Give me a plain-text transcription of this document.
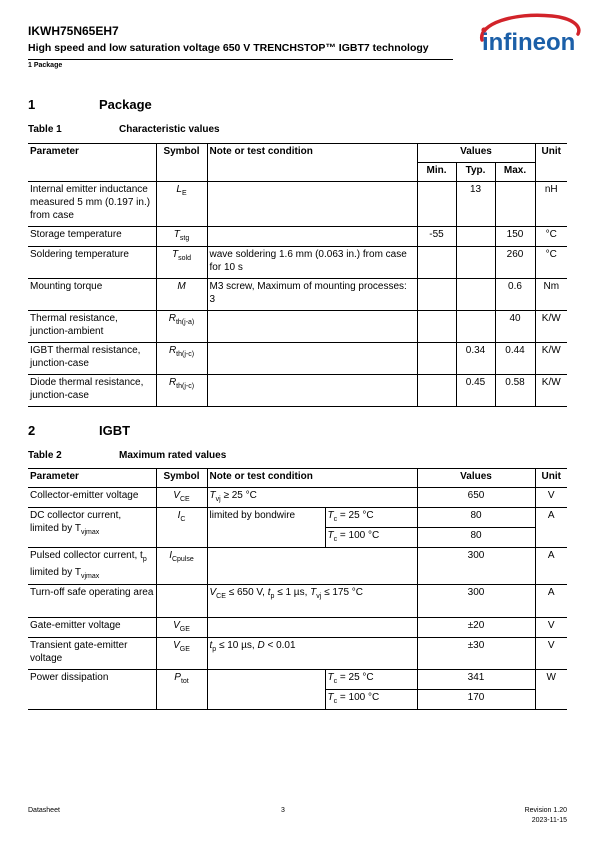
IKWH75N65EH7
High speed and low saturation voltage 650 V TRENCHSTOP™ IGBT7 technology
1 Package
infineon
1	Package
Table 1	Characteristic values
Parameter	Symbol	Note or test condition	Values			Unit
			Min.	Typ.	Max.	
Internal emitter inductance measured 5 mm (0.197 in.) from case	$L_E$			13		nH
Storage temperature	$T_{stg}$		-55		150	°C
Soldering temperature	$T_{sold}$	wave soldering 1.6 mm (0.063 in.) from case for 10 s			260	°C
Mounting torque	M	M3 screw, Maximum of mounting processes: 3			0.6	Nm
Thermal resistance, junction-ambient	$R_{th(j-a)}$				40	K/W
IGBT thermal resistance, junction-case	$R_{th(j-c)}$			0.34	0.44	K/W
Diode thermal resistance, junction-case	$R_{th(j-c)}$			0.45	0.58	K/W
2	IGBT
Table 2	Maximum rated values
Parameter	Symbol	Note or test condition		Values	Unit
Collector-emitter voltage	$V_{CE}$	$T_{vj} \ge 25$ °C		650	V
DC collector current,
limited by $T_{vjmax}$	$I_C$	limited by bondwire	$T_c = 25$ °C	80	A
			$T_c = 100$ °C	80	
Pulsed collector current, $t_p$
limited by $T_{vjmax}$	$I_{Cpulse}$			300	A
Turn-off safe operating area		$V_{CE} \le 650$ V, $t_p \le 1$ µs, $T_{vj} \le 175$ °C		300	A
Gate-emitter voltage	$V_{GE}$			±20	V
Transient gate-emitter voltage	$V_{GE}$	$t_p \le 10$ µs, D < 0.01		±30	V
Power dissipation	$P_{tot}$		$T_c = 25$ °C	341	W
			$T_c = 100$ °C	170	
Datasheet	3	Revision 1.20
2023-11-15
